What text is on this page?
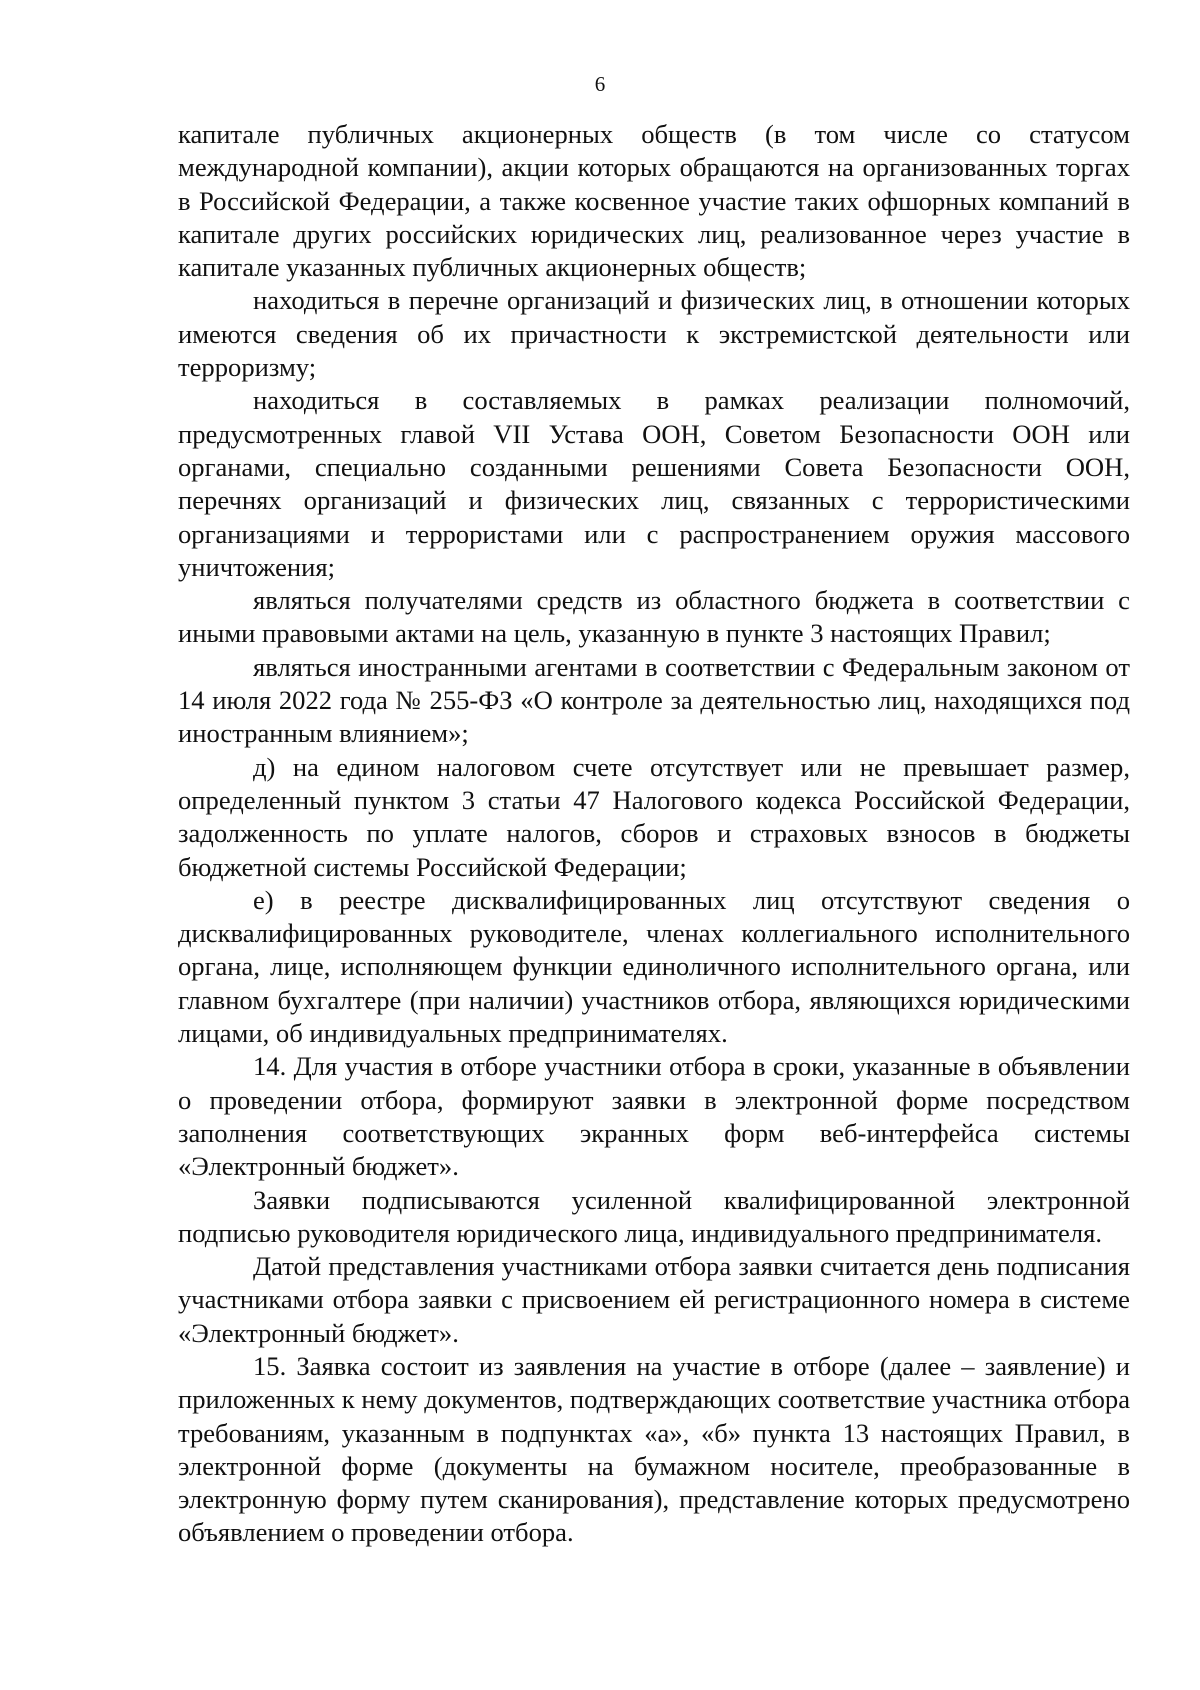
6

капитале публичных акционерных обществ (в том числе со статусом международной компании), акции которых обращаются на организованных торгах в Российской Федерации, а также косвенное участие таких офшорных компаний в капитале других российских юридических лиц, реализованное через участие в капитале указанных публичных акционерных обществ;

находиться в перечне организаций и физических лиц, в отношении которых имеются сведения об их причастности к экстремистской деятельности или терроризму;

находиться в составляемых в рамках реализации полномочий, предусмотренных главой VII Устава ООН, Советом Безопасности ООН или органами, специально созданными решениями Совета Безопасности ООН, перечнях организаций и физических лиц, связанных с террористическими организациями и террористами или с распространением оружия массового уничтожения;

являться получателями средств из областного бюджета в соответствии с иными правовыми актами на цель, указанную в пункте 3 настоящих Правил;

являться иностранными агентами в соответствии с Федеральным законом от 14 июля 2022 года № 255-ФЗ «О контроле за деятельностью лиц, находящихся под иностранным влиянием»;

д) на едином налоговом счете отсутствует или не превышает размер, определенный пунктом 3 статьи 47 Налогового кодекса Российской Федерации, задолженность по уплате налогов, сборов и страховых взносов в бюджеты бюджетной системы Российской Федерации;

е) в реестре дисквалифицированных лиц отсутствуют сведения о дисквалифицированных руководителе, членах коллегиального исполнительного органа, лице, исполняющем функции единоличного исполнительного органа, или главном бухгалтере (при наличии) участников отбора, являющихся юридическими лицами, об индивидуальных предпринимателях.

14. Для участия в отборе участники отбора в сроки, указанные в объявлении о проведении отбора, формируют заявки в электронной форме посредством заполнения соответствующих экранных форм веб-интерфейса системы «Электронный бюджет».

Заявки подписываются усиленной квалифицированной электронной подписью руководителя юридического лица, индивидуального предпринимателя.

Датой представления участниками отбора заявки считается день подписания участниками отбора заявки с присвоением ей регистрационного номера в системе «Электронный бюджет».

15. Заявка состоит из заявления на участие в отборе (далее – заявление) и приложенных к нему документов, подтверждающих соответствие участника отбора требованиям, указанным в подпунктах «а», «б» пункта 13 настоящих Правил, в электронной форме (документы на бумажном носителе, преобразованные в электронную форму путем сканирования), представление которых предусмотрено объявлением о проведении отбора.
